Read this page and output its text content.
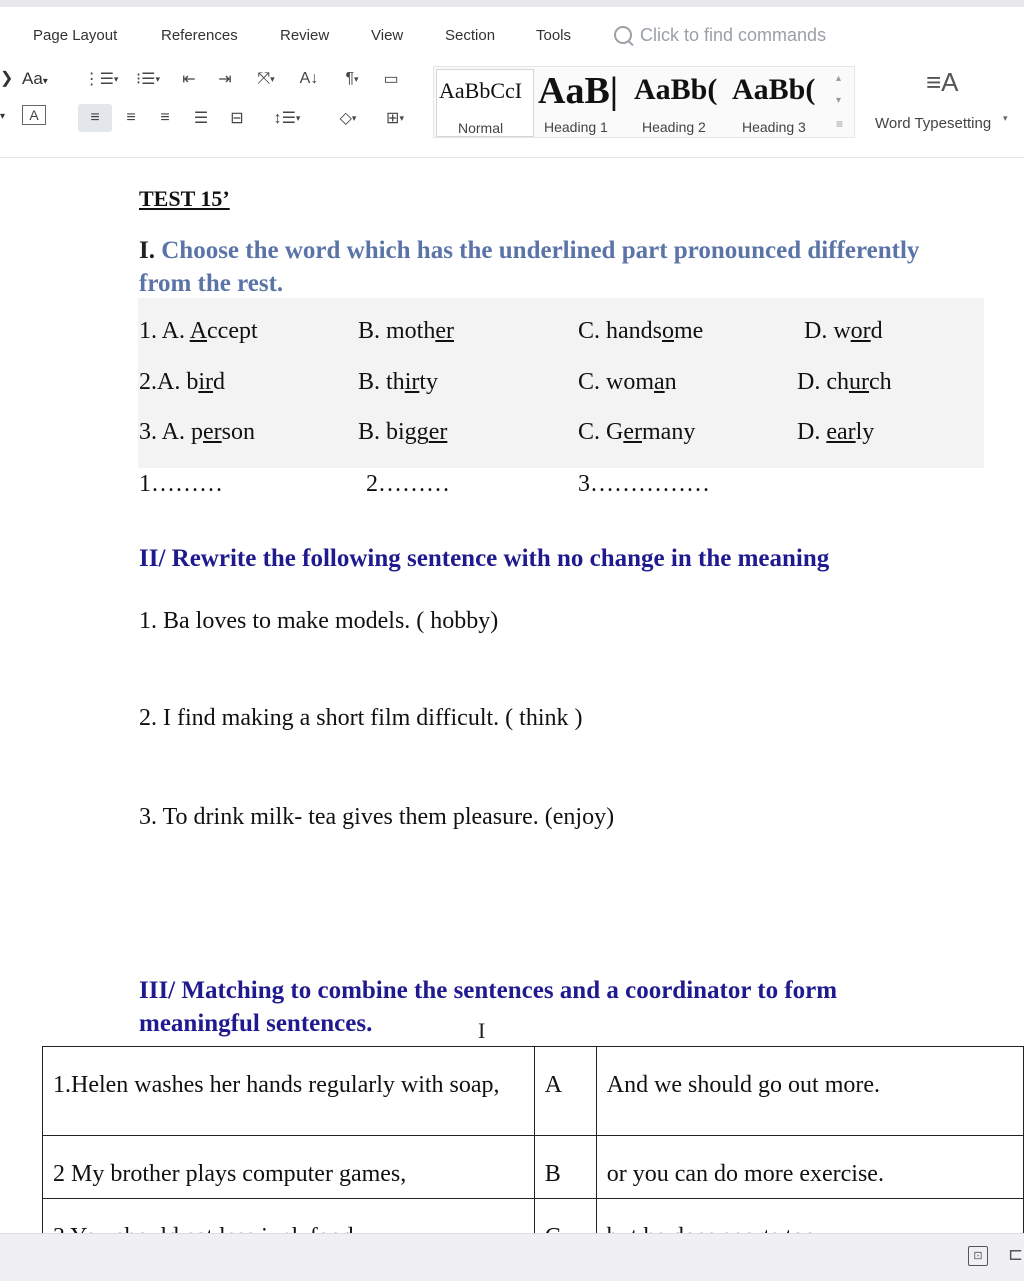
Page Layout	References	Review	View	Section	Tools	Click to find commands
❯ Aa▾
▾	A
⋮☰ ▾	⁝☰ ▾	⇤	⇥	⤧ ▾	A↓	¶ ▾	▭
≡	≡	≡	☰	⊟	↕☰ ▾	◇ ▾	⊞ ▾
AaBbCcI
Normal
AaB|
Heading 1
AaBb(
Heading 2
AaBb(
Heading 3
▴
▾
≡
≡A
Word Typesetting ▾
TEST 15’
I. Choose the word which has the underlined part pronounced differently from the rest.
1. A. Accept	B. mother	C. handsome	D. word
2.A. bird	B. thirty	C. woman	D. church
3. A. person	B. bigger	C. Germany	D. early
1………	2………	3……………
II/ Rewrite the following sentence with no change in the meaning
1. Ba loves to make models. ( hobby)
2. I find making a short film difficult. ( think )
3. To drink milk- tea gives them pleasure. (enjoy)
III/ Matching to combine the sentences and a coordinator to form meaningful sentences.
1.Helen washes her hands regularly with soap,	A	And we should go out more.
2 My brother plays computer games,	B	or you can do more exercise.

I
⊡ ⊏
